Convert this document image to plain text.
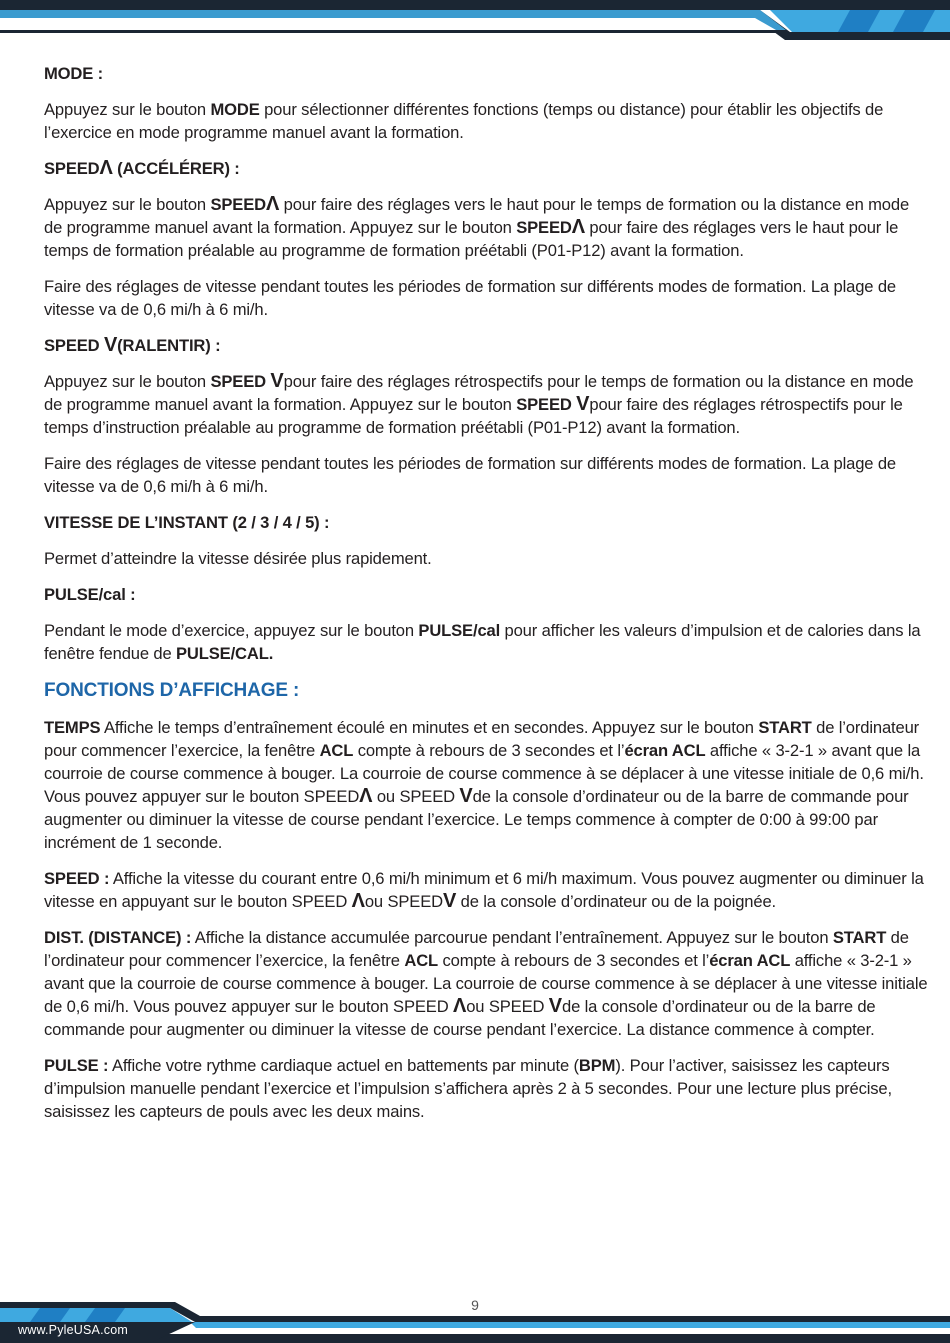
MODE :

Appuyez sur le bouton MODE pour sélectionner différentes fonctions (temps ou distance) pour établir les objectifs de l’exercice en mode programme manuel avant la formation.

SPEEDΛ (ACCÉLÉRER) :

Appuyez sur le bouton SPEEDΛ pour faire des réglages vers le haut pour le temps de formation ou la distance en mode de programme manuel avant la formation. Appuyez sur le bouton SPEEDΛ pour faire des réglages vers le haut pour le temps de formation préalable au programme de formation préétabli (P01-P12) avant la formation.

Faire des réglages de vitesse pendant toutes les périodes de formation sur différents modes de formation. La plage de vitesse va de 0,6 mi/h à 6 mi/h.

SPEED V(RALENTIR) :

Appuyez sur le bouton SPEED Vpour faire des réglages rétrospectifs pour le temps de formation ou la distance en mode de programme manuel avant la formation. Appuyez sur le bouton SPEED Vpour faire des réglages rétrospectifs pour le temps d’instruction préalable au programme de formation préétabli (P01-P12) avant la formation.

Faire des réglages de vitesse pendant toutes les périodes de formation sur différents modes de formation. La plage de vitesse va de 0,6 mi/h à 6 mi/h.

VITESSE DE L’INSTANT (2 / 3 / 4 / 5) :

Permet d’atteindre la vitesse désirée plus rapidement.

PULSE/cal :

Pendant le mode d’exercice, appuyez sur le bouton PULSE/cal pour afficher les valeurs d’impulsion et de calories dans la fenêtre fendue de PULSE/CAL.

FONCTIONS D’AFFICHAGE :

TEMPS Affiche le temps d’entraînement écoulé en minutes et en secondes. Appuyez sur le bouton START de l’ordinateur pour commencer l’exercice, la fenêtre ACL compte à rebours de 3 secondes et l’écran ACL affiche « 3-2-1 » avant que la courroie de course commence à bouger. La courroie de course commence à se déplacer à une vitesse initiale de 0,6 mi/h. Vous pouvez appuyer sur le bouton SPEEDΛ ou SPEED Vde la console d’ordinateur ou de la barre de commande pour augmenter ou diminuer la vitesse de course pendant l’exercice. Le temps commence à compter de 0:00 à 99:00 par incrément de 1 seconde.

SPEED : Affiche la vitesse du courant entre 0,6 mi/h minimum et 6 mi/h maximum. Vous pouvez augmenter ou diminuer la vitesse en appuyant sur le bouton SPEED Λou SPEEDV de la console d’ordinateur ou de la poignée.

DIST. (DISTANCE) : Affiche la distance accumulée parcourue pendant l’entraînement. Appuyez sur le bouton START de l’ordinateur pour commencer l’exercice, la fenêtre ACL compte à rebours de 3 secondes et l’écran ACL affiche « 3-2-1 » avant que la courroie de course commence à bouger. La courroie de course commence à se déplacer à une vitesse initiale de 0,6 mi/h. Vous pouvez appuyer sur le bouton SPEED Λou SPEED Vde la console d’ordinateur ou de la barre de commande pour augmenter ou diminuer la vitesse de course pendant l’exercice. La distance commence à compter.

PULSE : Affiche votre rythme cardiaque actuel en battements par minute (BPM). Pour l’activer, saisissez les capteurs d’impulsion manuelle pendant l’exercice et l’impulsion s’affichera après 2 à 5 secondes. Pour une lecture plus précise, saisissez les capteurs de pouls avec les deux mains.

9
www.PyleUSA.com
